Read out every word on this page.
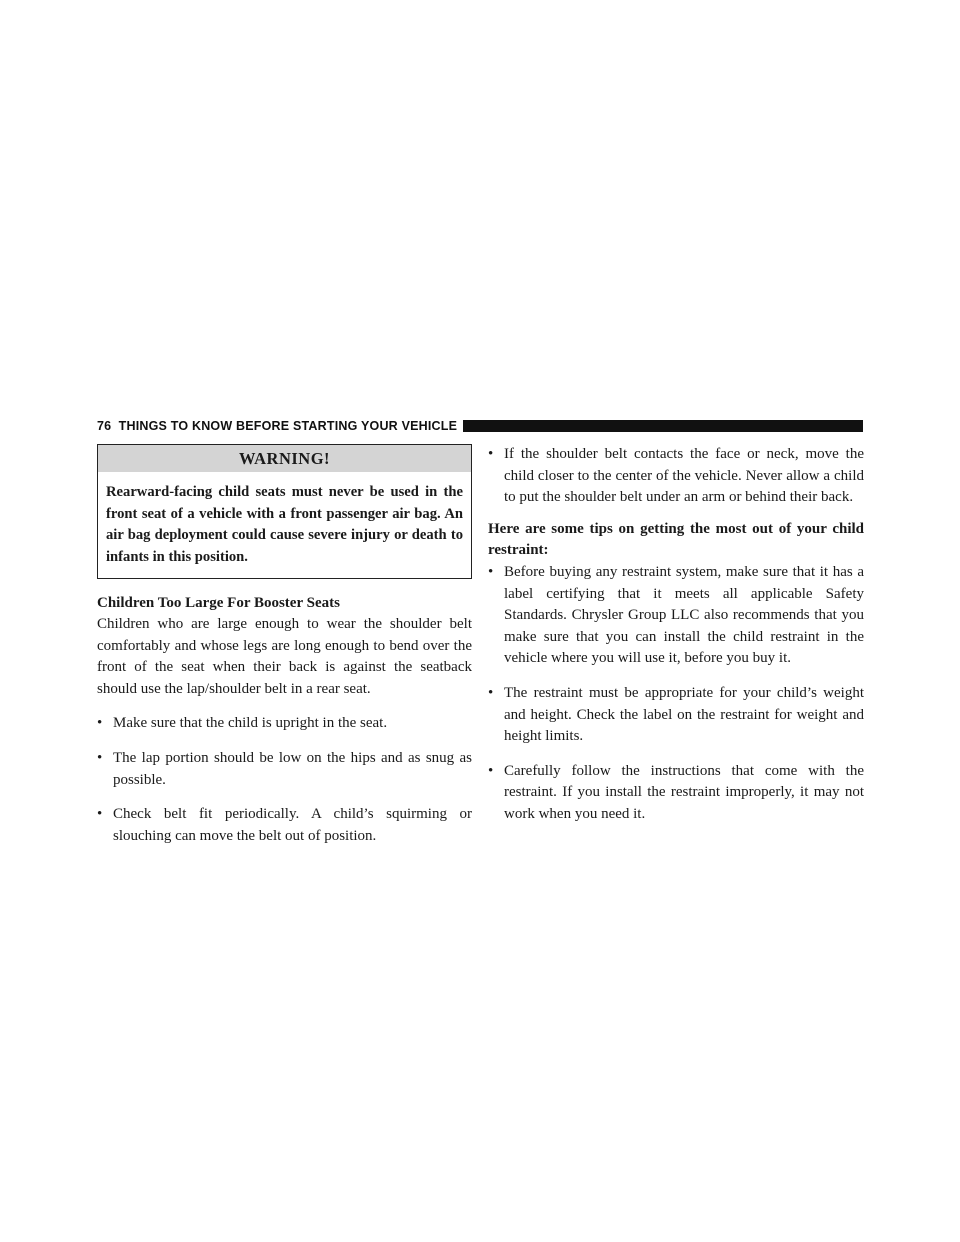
76 THINGS TO KNOW BEFORE STARTING YOUR VEHICLE
WARNING!
Rearward-facing child seats must never be used in the front seat of a vehicle with a front passenger air bag. An air bag deployment could cause severe injury or death to infants in this position.
Children Too Large For Booster Seats

Children who are large enough to wear the shoulder belt comfortably and whose legs are long enough to bend over the front of the seat when their back is against the seatback should use the lap/shoulder belt in a rear seat.

• Make sure that the child is upright in the seat.
• The lap portion should be low on the hips and as snug as possible.
• Check belt fit periodically. A child’s squirming or slouching can move the belt out of position.
• If the shoulder belt contacts the face or neck, move the child closer to the center of the vehicle. Never allow a child to put the shoulder belt under an arm or behind their back.
Here are some tips on getting the most out of your child restraint:
• Before buying any restraint system, make sure that it has a label certifying that it meets all applicable Safety Standards. Chrysler Group LLC also recommends that you make sure that you can install the child restraint in the vehicle where you will use it, before you buy it.
• The restraint must be appropriate for your child’s weight and height. Check the label on the restraint for weight and height limits.
• Carefully follow the instructions that come with the restraint. If you install the restraint improperly, it may not work when you need it.
